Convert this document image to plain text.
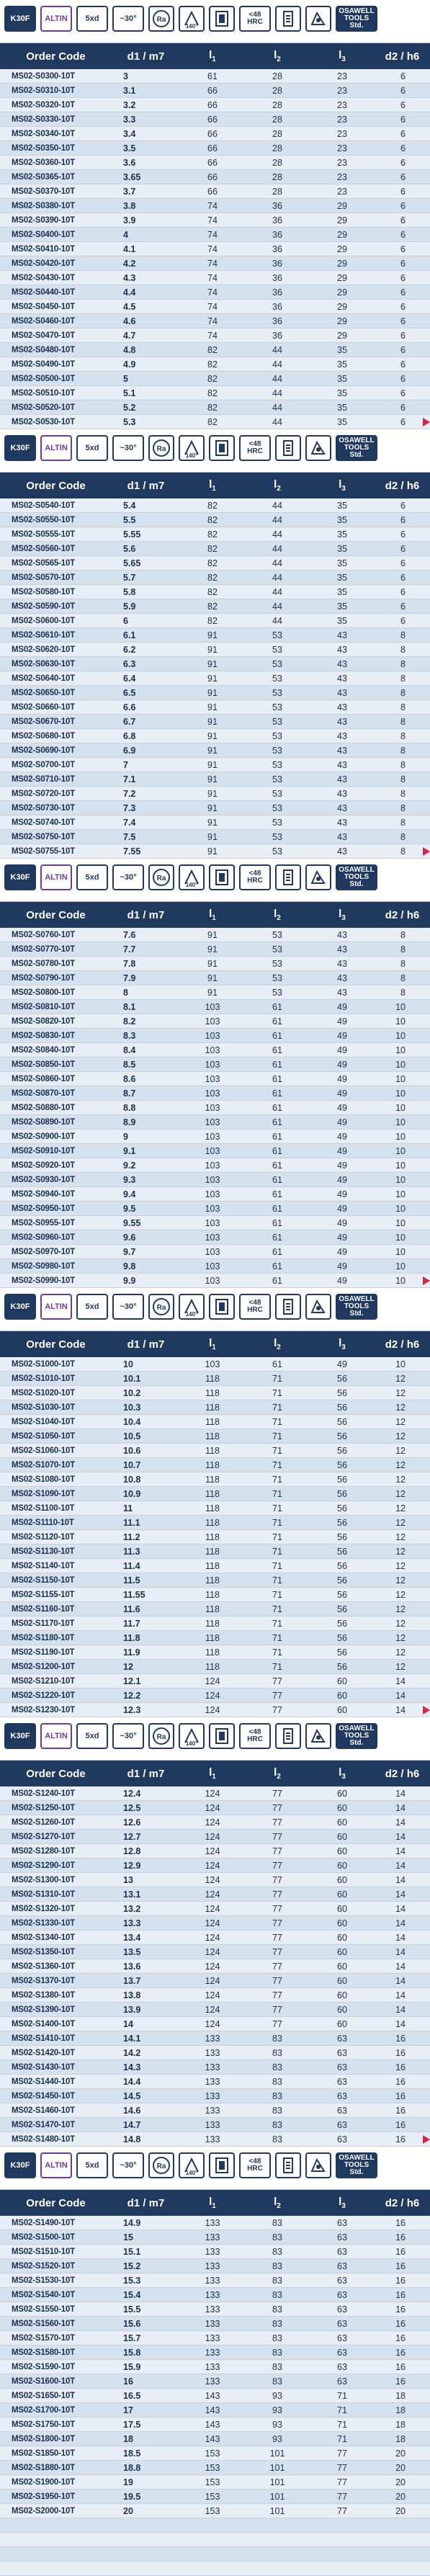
K30F ALTIN 5xd	~30°	Ra
140°
<48 HRC
OSAWELL TOOLS Std.
Order Code	d1 / m7	$l_1$	$l_2$	$l_3$	d2 / h6
MS02-S0300-10T	3	61	28	23	6
MS02-S0310-10T	3.1	66	28	23	6
MS02-S0320-10T	3.2	66	28	23	6
MS02-S0330-10T	3.3	66	28	23	6
MS02-S0340-10T	3.4	66	28	23	6
MS02-S0350-10T	3.5	66	28	23	6
MS02-S0360-10T	3.6	66	28	23	6
MS02-S0365-10T	3.65	66	28	23	6
MS02-S0370-10T	3.7	66	28	23	6
MS02-S0380-10T	3.8	74	36	29	6
MS02-S0390-10T	3.9	74	36	29	6
MS02-S0400-10T	4	74	36	29	6
MS02-S0410-10T	4.1	74	36	29	6
MS02-S0420-10T	4.2	74	36	29	6
MS02-S0430-10T	4.3	74	36	29	6
MS02-S0440-10T	4.4	74	36	29	6
MS02-S0450-10T	4.5	74	36	29	6
MS02-S0460-10T	4.6	74	36	29	6
MS02-S0470-10T	4.7	74	36	29	6
MS02-S0480-10T	4.8	82	44	35	6
MS02-S0490-10T	4.9	82	44	35	6
MS02-S0500-10T	5	82	44	35	6
MS02-S0510-10T	5.1	82	44	35	6
MS02-S0520-10T	5.2	82	44	35	6
MS02-S0530-10T	5.3	82	44	35	6
K30F ALTIN 5xd	~30°	Ra
140°
<48 HRC
OSAWELL TOOLS Std.
Order Code	d1 / m7	$l_1$	$l_2$	$l_3$	d2 / h6
MS02-S0540-10T	5.4	82	44	35	6
MS02-S0550-10T	5.5	82	44	35	6
MS02-S0555-10T	5.55	82	44	35	6
MS02-S0560-10T	5.6	82	44	35	6
MS02-S0565-10T	5.65	82	44	35	6
MS02-S0570-10T	5.7	82	44	35	6
MS02-S0580-10T	5.8	82	44	35	6
MS02-S0590-10T	5.9	82	44	35	6
MS02-S0600-10T	6	82	44	35	6
MS02-S0610-10T	6.1	91	53	43	8
MS02-S0620-10T	6.2	91	53	43	8
MS02-S0630-10T	6.3	91	53	43	8
MS02-S0640-10T	6.4	91	53	43	8
MS02-S0650-10T	6.5	91	53	43	8
MS02-S0660-10T	6.6	91	53	43	8
MS02-S0670-10T	6.7	91	53	43	8
MS02-S0680-10T	6.8	91	53	43	8
MS02-S0690-10T	6.9	91	53	43	8
MS02-S0700-10T	7	91	53	43	8
MS02-S0710-10T	7.1	91	53	43	8
MS02-S0720-10T	7.2	91	53	43	8
MS02-S0730-10T	7.3	91	53	43	8
MS02-S0740-10T	7.4	91	53	43	8
MS02-S0750-10T	7.5	91	53	43	8
MS02-S0755-10T	7.55	91	53	43	8
K30F ALTIN 5xd	~30°	Ra
140°
<48 HRC
OSAWELL TOOLS Std.
Order Code	d1 / m7	$l_1$	$l_2$	$l_3$	d2 / h6
MS02-S0760-10T	7.6	91	53	43	8
MS02-S0770-10T	7.7	91	53	43	8
MS02-S0780-10T	7.8	91	53	43	8
MS02-S0790-10T	7.9	91	53	43	8
MS02-S0800-10T	8	91	53	43	8
MS02-S0810-10T	8.1	103	61	49	10
MS02-S0820-10T	8.2	103	61	49	10
MS02-S0830-10T	8.3	103	61	49	10
MS02-S0840-10T	8.4	103	61	49	10
MS02-S0850-10T	8.5	103	61	49	10
MS02-S0860-10T	8.6	103	61	49	10
MS02-S0870-10T	8.7	103	61	49	10
MS02-S0880-10T	8.8	103	61	49	10
MS02-S0890-10T	8.9	103	61	49	10
MS02-S0900-10T	9	103	61	49	10
MS02-S0910-10T	9.1	103	61	49	10
MS02-S0920-10T	9.2	103	61	49	10
MS02-S0930-10T	9.3	103	61	49	10
MS02-S0940-10T	9.4	103	61	49	10
MS02-S0950-10T	9.5	103	61	49	10
MS02-S0955-10T	9.55	103	61	49	10
MS02-S0960-10T	9.6	103	61	49	10
MS02-S0970-10T	9.7	103	61	49	10
MS02-S0980-10T	9.8	103	61	49	10
MS02-S0990-10T	9.9	103	61	49	10
K30F ALTIN 5xd	~30°	Ra
140°
<48 HRC
OSAWELL TOOLS Std.
Order Code	d1 / m7	$l_1$	$l_2$	$l_3$	d2 / h6
MS02-S1000-10T	10	103	61	49	10
MS02-S1010-10T	10.1	118	71	56	12
MS02-S1020-10T	10.2	118	71	56	12
MS02-S1030-10T	10.3	118	71	56	12
MS02-S1040-10T	10.4	118	71	56	12
MS02-S1050-10T	10.5	118	71	56	12
MS02-S1060-10T	10.6	118	71	56	12
MS02-S1070-10T	10.7	118	71	56	12
MS02-S1080-10T	10.8	118	71	56	12
MS02-S1090-10T	10.9	118	71	56	12
MS02-S1100-10T	11	118	71	56	12
MS02-S1110-10T	11.1	118	71	56	12
MS02-S1120-10T	11.2	118	71	56	12
MS02-S1130-10T	11.3	118	71	56	12
MS02-S1140-10T	11.4	118	71	56	12
MS02-S1150-10T	11.5	118	71	56	12
MS02-S1155-10T	11.55	118	71	56	12
MS02-S1160-10T	11.6	118	71	56	12
MS02-S1170-10T	11.7	118	71	56	12
MS02-S1180-10T	11.8	118	71	56	12
MS02-S1190-10T	11.9	118	71	56	12
MS02-S1200-10T	12	118	71	56	12
MS02-S1210-10T	12.1	124	77	60	14
MS02-S1220-10T	12.2	124	77	60	14
MS02-S1230-10T	12.3	124	77	60	14
K30F ALTIN 5xd	~30°	Ra
140°
<48 HRC
OSAWELL TOOLS Std.
Order Code	d1 / m7	$l_1$	$l_2$	$l_3$	d2 / h6
MS02-S1240-10T	12.4	124	77	60	14
MS02-S1250-10T	12.5	124	77	60	14
MS02-S1260-10T	12.6	124	77	60	14
MS02-S1270-10T	12.7	124	77	60	14
MS02-S1280-10T	12.8	124	77	60	14
MS02-S1290-10T	12.9	124	77	60	14
MS02-S1300-10T	13	124	77	60	14
MS02-S1310-10T	13.1	124	77	60	14
MS02-S1320-10T	13.2	124	77	60	14
MS02-S1330-10T	13.3	124	77	60	14
MS02-S1340-10T	13.4	124	77	60	14
MS02-S1350-10T	13.5	124	77	60	14
MS02-S1360-10T	13.6	124	77	60	14
MS02-S1370-10T	13.7	124	77	60	14
MS02-S1380-10T	13.8	124	77	60	14
MS02-S1390-10T	13.9	124	77	60	14
MS02-S1400-10T	14	124	77	60	14
MS02-S1410-10T	14.1	133	83	63	16
MS02-S1420-10T	14.2	133	83	63	16
MS02-S1430-10T	14.3	133	83	63	16
MS02-S1440-10T	14.4	133	83	63	16
MS02-S1450-10T	14.5	133	83	63	16
MS02-S1460-10T	14.6	133	83	63	16
MS02-S1470-10T	14.7	133	83	63	16
MS02-S1480-10T	14.8	133	83	63	16
K30F ALTIN 5xd	~30°	Ra
140°
<48 HRC
OSAWELL TOOLS Std.
Order Code	d1 / m7	$l_1$	$l_2$	$l_3$	d2 / h6
MS02-S1490-10T	14.9	133	83	63	16
MS02-S1500-10T	15	133	83	63	16
MS02-S1510-10T	15.1	133	83	63	16
MS02-S1520-10T	15.2	133	83	63	16
MS02-S1530-10T	15.3	133	83	63	16
MS02-S1540-10T	15.4	133	83	63	16
MS02-S1550-10T	15.5	133	83	63	16
MS02-S1560-10T	15.6	133	83	63	16
MS02-S1570-10T	15.7	133	83	63	16
MS02-S1580-10T	15.8	133	83	63	16
MS02-S1590-10T	15.9	133	83	63	16
MS02-S1600-10T	16	133	83	63	16
MS02-S1650-10T	16.5	143	93	71	18
MS02-S1700-10T	17	143	93	71	18
MS02-S1750-10T	17.5	143	93	71	18
MS02-S1800-10T	18	143	93	71	18
MS02-S1850-10T	18.5	153	101	77	20
MS02-S1880-10T	18.8	153	101	77	20
MS02-S1900-10T	19	153	101	77	20
MS02-S1950-10T	19.5	153	101	77	20
MS02-S2000-10T	20	153	101	77	20
